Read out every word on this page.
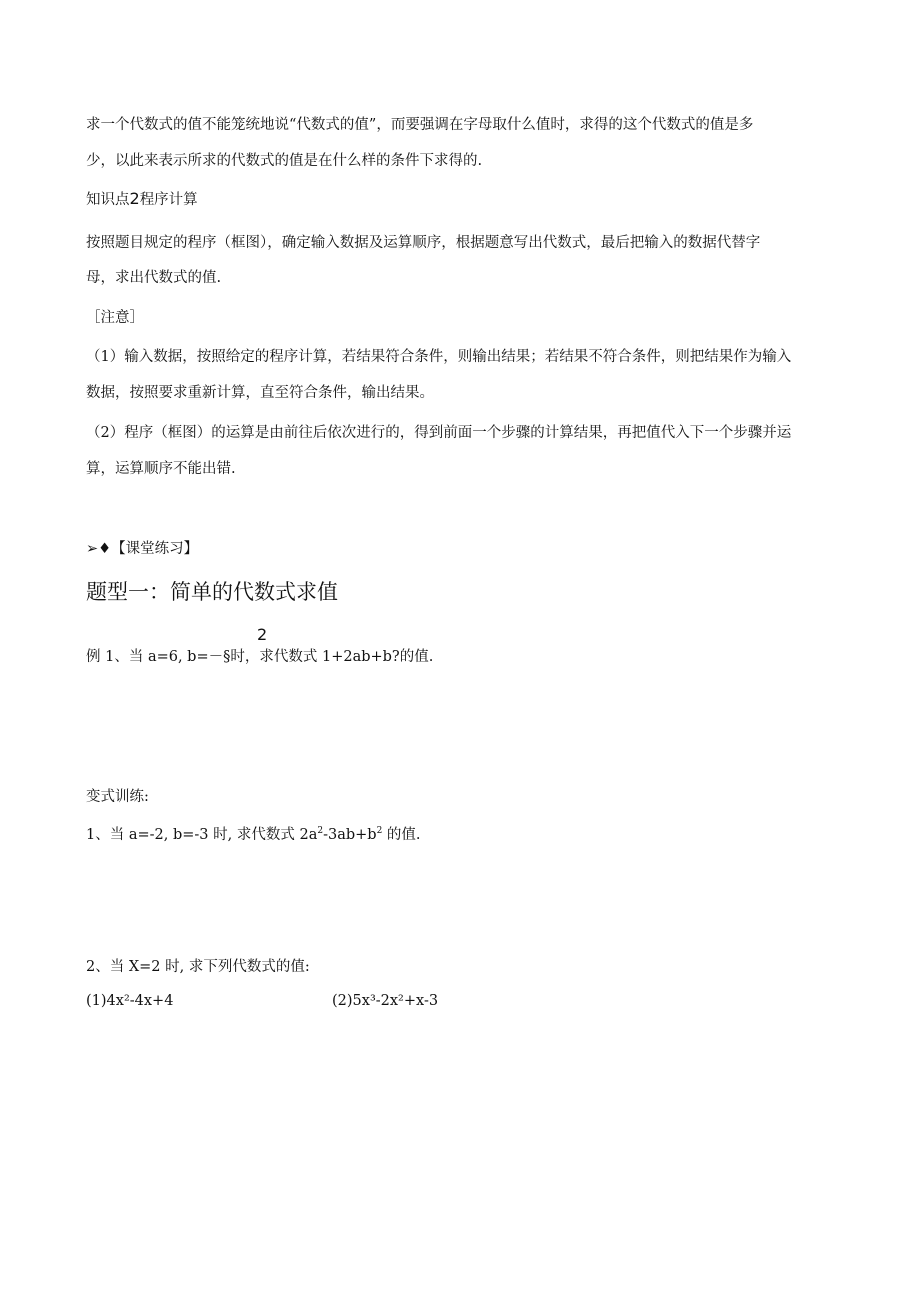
求一个代数式的值不能笼统地说“代数式的值”，而要强调在字母取什么值时，求得的这个代数式的值是多
少，以此来表示所求的代数式的值是在什么样的条件下求得的.
知识点2程序计算
按照题目规定的程序（框图），确定输入数据及运算顺序，根据题意写出代数式，最后把输入的数据代替字
母，求出代数式的值.
［注意］
（1）输入数据，按照给定的程序计算，若结果符合条件，则输出结果；若结果不符合条件，则把结果作为输入
数据，按照要求重新计算，直至符合条件，输出结果。
（2）程序（框图）的运算是由前往后依次进行的，得到前面一个步骤的计算结果，再把值代入下一个步骤并运
算，运算顺序不能出错.
➢♦【课堂练习】
题型一：简单的代数式求值
2
例 1、当 a=6, b=－§时，求代数式 1+2ab+b?的值.
变式训练:
1、当 a=-2, b=-3 时, 求代数式 $2a^2-3ab+b^2$ 的值.
2、当 X=2 时, 求下列代数式的值:
(1)4x²-4x+4	(2)5x³-2x²+x-3
